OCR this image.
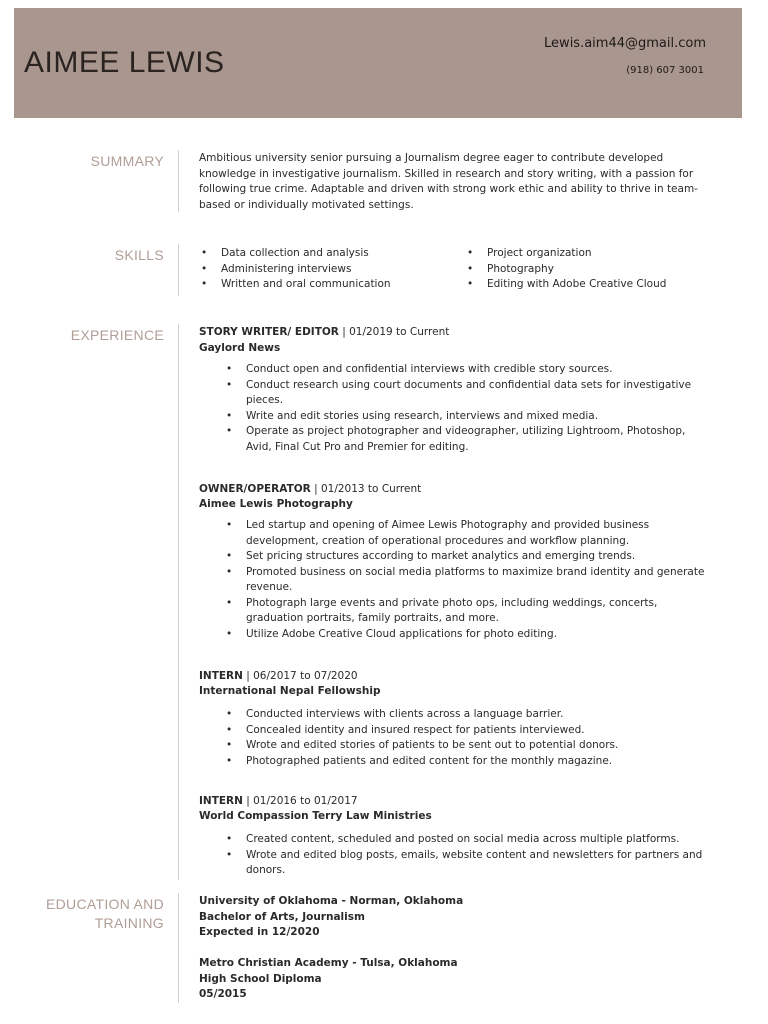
AIMEE LEWIS
Lewis.aim44@gmail.com
(918) 607 3001
SUMMARY	Ambitious university senior pursuing a Journalism degree eager to contribute developed knowledge in investigative journalism. Skilled in research and story writing, with a passion for following true crime. Adaptable and driven with strong work ethic and ability to thrive in team-based or individually motivated settings.
SKILLS
•	Data collection and analysis
• Administering interviews
• Written and oral communication
• Project organization
• Photography
• Editing with Adobe Creative Cloud
EXPERIENCE	STORY WRITER/ EDITOR | 01/2019 to Current
Gaylord News
• Conduct open and confidential interviews with credible story sources.
• Conduct research using court documents and confidential data sets for investigative pieces.
• Write and edit stories using research, interviews and mixed media.
• Operate as project photographer and videographer, utilizing Lightroom, Photoshop, Avid, Final Cut Pro and Premier for editing.
OWNER/OPERATOR | 01/2013 to Current
Aimee Lewis Photography
• Led startup and opening of Aimee Lewis Photography and provided business development, creation of operational procedures and workflow planning.
• Set pricing structures according to market analytics and emerging trends.
• Promoted business on social media platforms to maximize brand identity and generate revenue.
• Photograph large events and private photo ops, including weddings, concerts, graduation portraits, family portraits, and more.
• Utilize Adobe Creative Cloud applications for photo editing.
INTERN | 06/2017 to 07/2020
International Nepal Fellowship
• Conducted interviews with clients across a language barrier.
• Concealed identity and insured respect for patients interviewed.
• Wrote and edited stories of patients to be sent out to potential donors.
• Photographed patients and edited content for the monthly magazine.
INTERN | 01/2016 to 01/2017
World Compassion Terry Law Ministries
• Created content, scheduled and posted on social media across multiple platforms.
• Wrote and edited blog posts, emails, website content and newsletters for partners and donors.
EDUCATION AND
TRAINING
University of Oklahoma - Norman, Oklahoma
Bachelor of Arts, Journalism
Expected in 12/2020
Metro Christian Academy - Tulsa, Oklahoma
High School Diploma
05/2015
